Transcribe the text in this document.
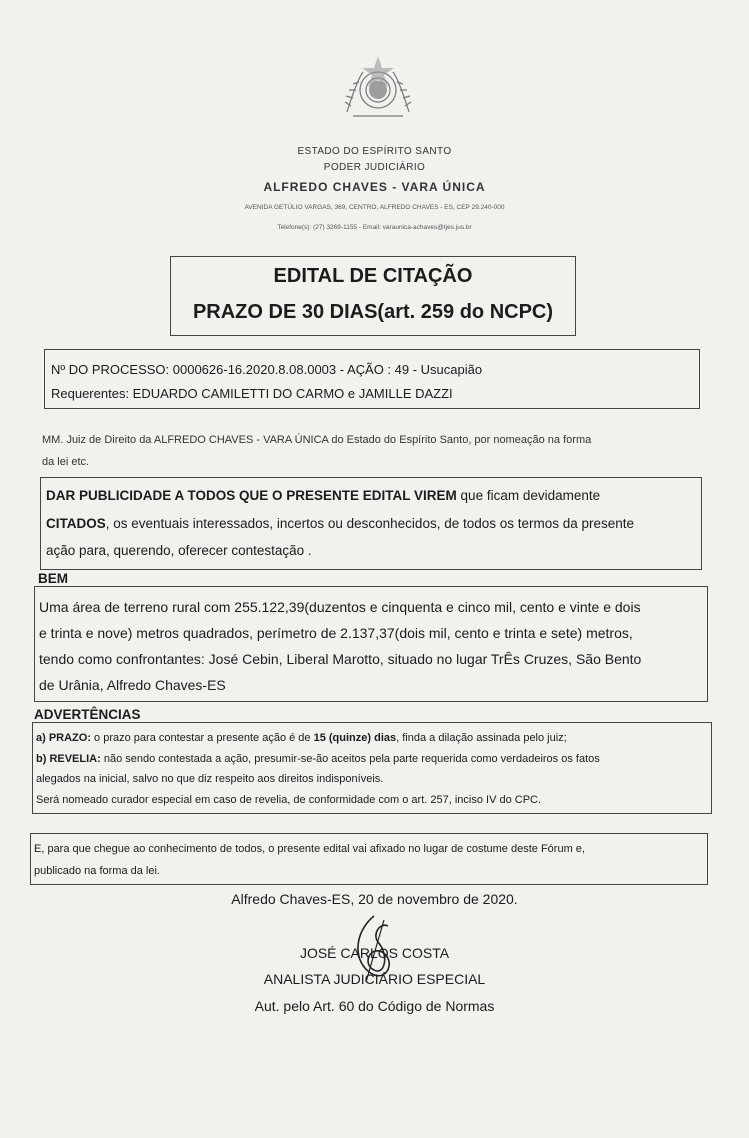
ESTADO DO ESPÍRITO SANTO
PODER JUDICIÁRIO
ALFREDO CHAVES - VARA ÚNICA
AVENIDA GETÚLIO VARGAS, 369, CENTRO, ALFREDO CHAVES - ES, CEP 29.240-000
Telefone(s): (27) 3269-1155 - Email: varaunica-achaves@tjes.jus.br
EDITAL DE CITAÇÃO
PRAZO DE 30 DIAS(art. 259 do NCPC)
Nº DO PROCESSO: 0000626-16.2020.8.08.0003 - AÇÃO : 49 - Usucapião
Requerentes: EDUARDO CAMILETTI DO CARMO e JAMILLE DAZZI
MM. Juiz de Direito da ALFREDO CHAVES - VARA ÚNICA do Estado do Espírito Santo, por nomeação na forma
da lei etc.
DAR PUBLICIDADE A TODOS QUE O PRESENTE EDITAL VIREM que ficam devidamente
CITADOS, os eventuais interessados, incertos ou desconhecidos, de todos os termos da presente
ação para, querendo, oferecer contestação .
BEM
Uma área de terreno rural com 255.122,39(duzentos e cinquenta e cinco mil, cento e vinte e dois
e trinta e nove) metros quadrados, perímetro de 2.137,37(dois mil, cento e trinta e sete) metros,
tendo como confrontantes: José Cebin, Liberal Marotto, situado no lugar TrÊs Cruzes, São Bento
de Urânia, Alfredo Chaves-ES
ADVERTÊNCIAS
a) PRAZO: o prazo para contestar a presente ação é de 15 (quinze) dias, finda a dilação assinada pelo juiz;
b) REVELIA: não sendo contestada a ação, presumir-se-ão aceitos pela parte requerida como verdadeiros os fatos
alegados na inicial, salvo no que diz respeito aos direitos indisponíveis.
Será nomeado curador especial em caso de revelia, de conformidade com o art. 257, inciso IV do CPC.
E, para que chegue ao conhecimento de todos, o presente edital vai afixado no lugar de costume deste Fórum e,
publicado na forma da lei.
Alfredo Chaves-ES, 20 de novembro de 2020.
JOSÉ CARLOS COSTA
ANALISTA JUDICIÁRIO ESPECIAL
Aut. pelo Art. 60 do Código de Normas
